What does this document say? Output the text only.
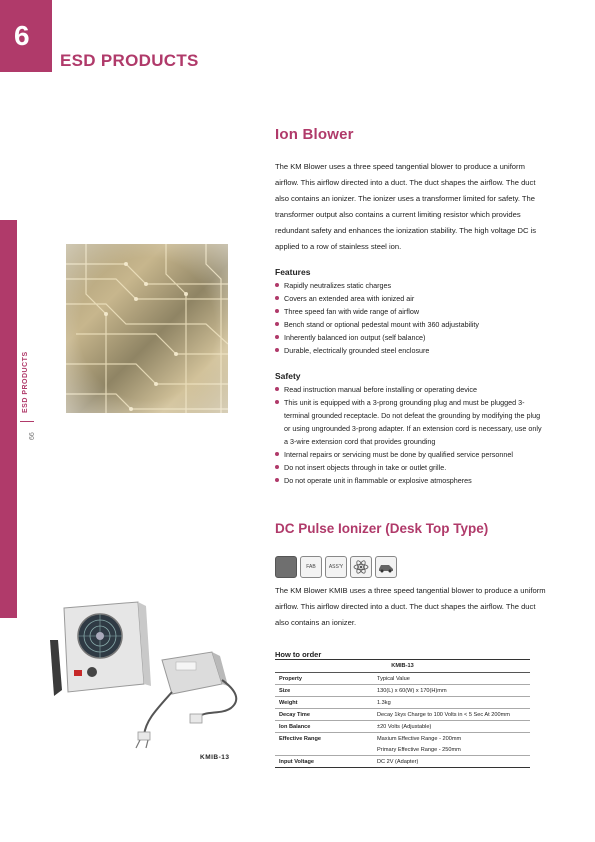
6
ESD PRODUCTS
ESD PRODUCTS
66
Ion Blower

The KM Blower uses a three speed tangential blower to produce a uniform airflow. This airflow directed into a duct. The duct shapes the airflow. The duct also contains an ionizer. The ionizer uses a transformer limited for safety. The transformer output also contains a current limiting resistor which provides redundant safety and enhances the ionization stability. The high voltage DC is applied to a row of stainless steel ion.

Features
Rapidly neutralizes static charges
Covers an extended area with ionized air
Three speed fan with wide range of airflow
Bench stand or optional pedestal mount with 360 adjustability
Inherently balanced ion output (self balance)
Durable, electrically grounded steel enclosure
Safety
Read instruction manual before installing or operating device
This unit is equipped with a 3-prong grounding plug and must be plugged 3-terminal grounded receptacle. Do not defeat the grounding by modifying the plug or using ungrounded 3-prong adapter. If an extension cord is necessary, use only a 3-wire extension cord that provides grounding
Internal repairs or servicing must be done by qualified service personnel
Do not insert objects through in take or outlet grille.
Do not operate unit in flammable or explosive atmospheres
DC Pulse Ionizer (Desk Top Type)
FAB	ASS'Y

The KM Blower KMIB uses a three speed tangential blower to produce a uniform airflow. This airflow directed into a duct. The duct shapes the airflow. The duct also contains an ionizer.

How to order
KMIB-13	
Property	Typical Value
Size	130(L) x 60(W) x 170(H)mm
Weight	1.3kg
Decay Time	Decay 1kys Charge to 100 Volts in < 5 Sec At 200mm
Ion Balance	±20 Volts (Adjustable)
Effective Range	Maxium Effective Range - 200mm
	Primary Effective Range - 250mm
Input Voltage	DC 2V (Adapter)
KMIB-13
